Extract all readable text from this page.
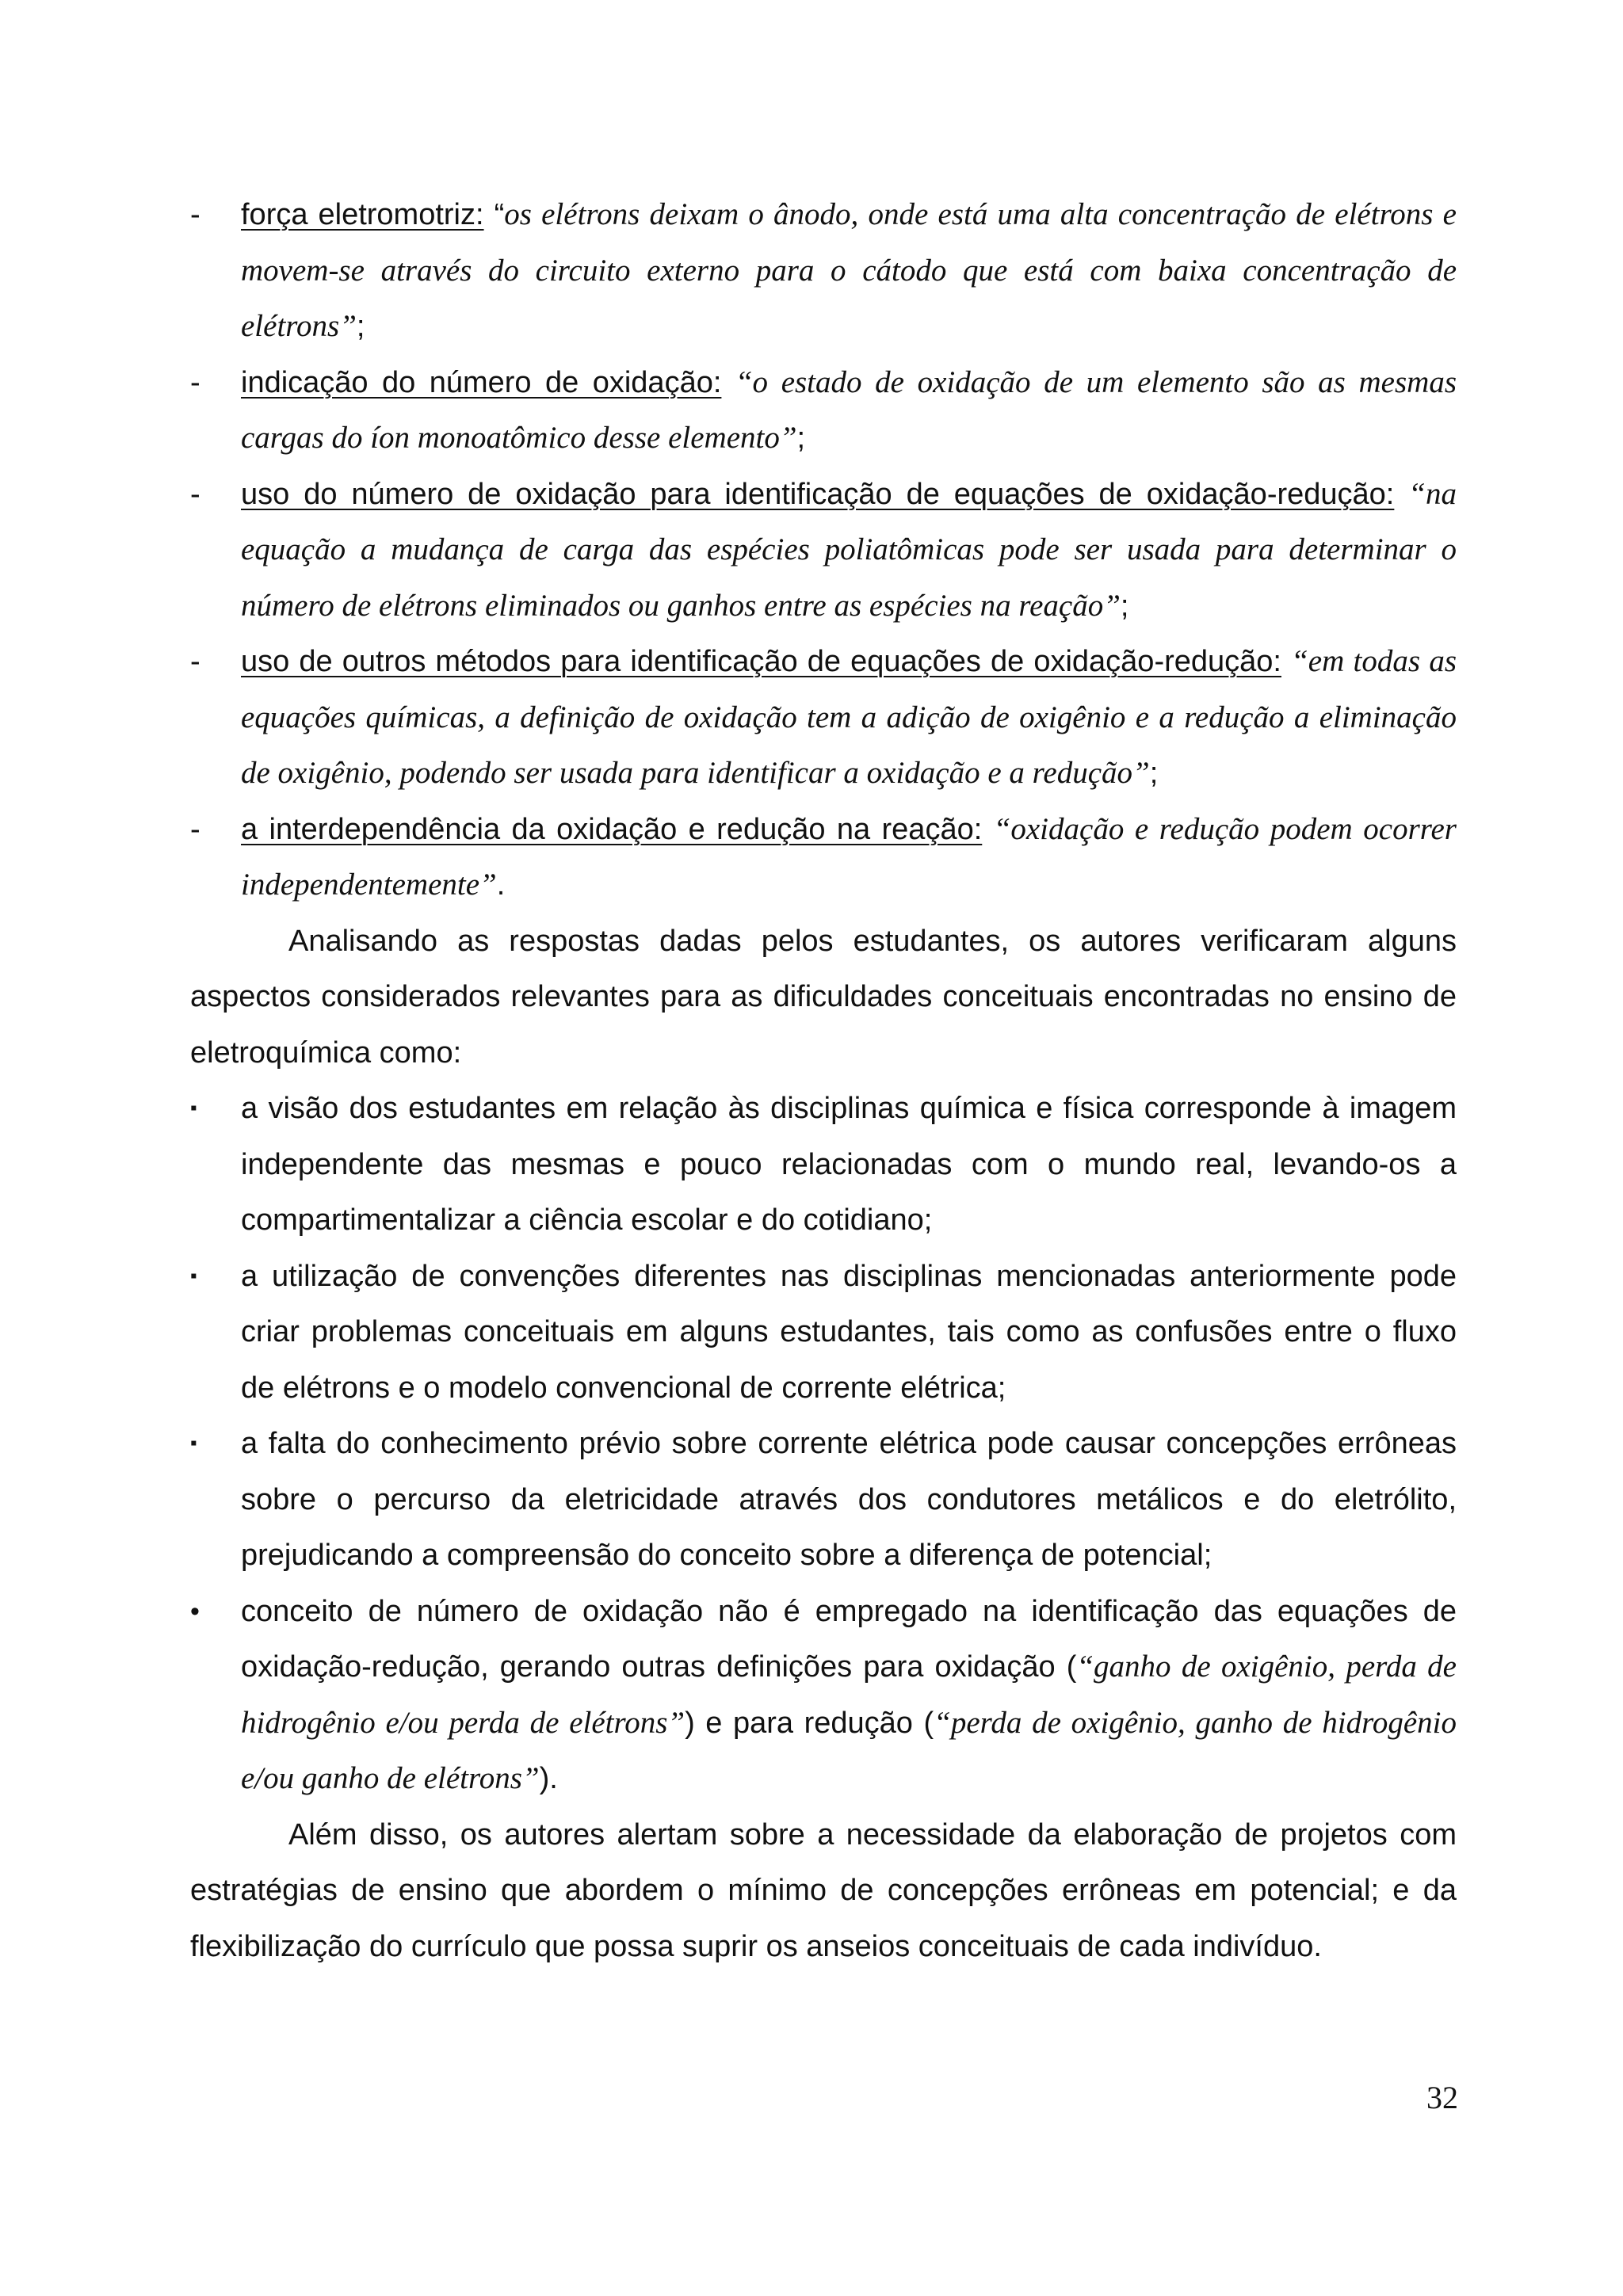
-	força eletromotriz: “os elétrons deixam o ânodo, onde está uma alta concentração de elétrons e movem-se através do circuito externo para o cátodo que está com baixa concentração de elétrons”;
-	indicação do número de oxidação: “o estado de oxidação de um elemento são as mesmas cargas do íon monoatômico desse elemento”;
-	uso do número de oxidação para identificação de equações de oxidação-redução: “na equação a mudança de carga das espécies poliatômicas pode ser usada para determinar o número de elétrons eliminados ou ganhos entre as espécies na reação”;
-	uso de outros métodos para identificação de equações de oxidação-redução: “em todas as equações químicas, a definição de oxidação tem a adição de oxigênio e a redução a eliminação de oxigênio, podendo ser usada para identificar a oxidação e a redução”;
-	a interdependência da oxidação e redução na reação: “oxidação e redução podem ocorrer independentemente”.
Analisando as respostas dadas pelos estudantes, os autores verificaram alguns aspectos considerados relevantes para as dificuldades conceituais encontradas no ensino de eletroquímica como:
▪	a visão dos estudantes em relação às disciplinas química e física corresponde à imagem independente das mesmas e pouco relacionadas com o mundo real, levando-os a compartimentalizar a ciência escolar e do cotidiano;
▪	a utilização de convenções diferentes nas disciplinas mencionadas anteriormente pode criar problemas conceituais em alguns estudantes, tais como as confusões entre o fluxo de elétrons e o modelo convencional de corrente elétrica;
▪	a falta do conhecimento prévio sobre corrente elétrica pode causar concepções errôneas sobre o percurso da eletricidade através dos condutores metálicos e do eletrólito, prejudicando a compreensão do conceito sobre a diferença de potencial;
•	conceito de número de oxidação não é empregado na identificação das equações de oxidação-redução, gerando outras definições para oxidação (“ganho de oxigênio, perda de hidrogênio e/ou perda de elétrons”) e para redução (“perda de oxigênio, ganho de hidrogênio e/ou ganho de elétrons”).
Além disso, os autores alertam sobre a necessidade da elaboração de projetos com estratégias de ensino que abordem o mínimo de concepções errôneas em potencial; e da flexibilização do currículo que possa suprir os anseios conceituais de cada indivíduo.
32
